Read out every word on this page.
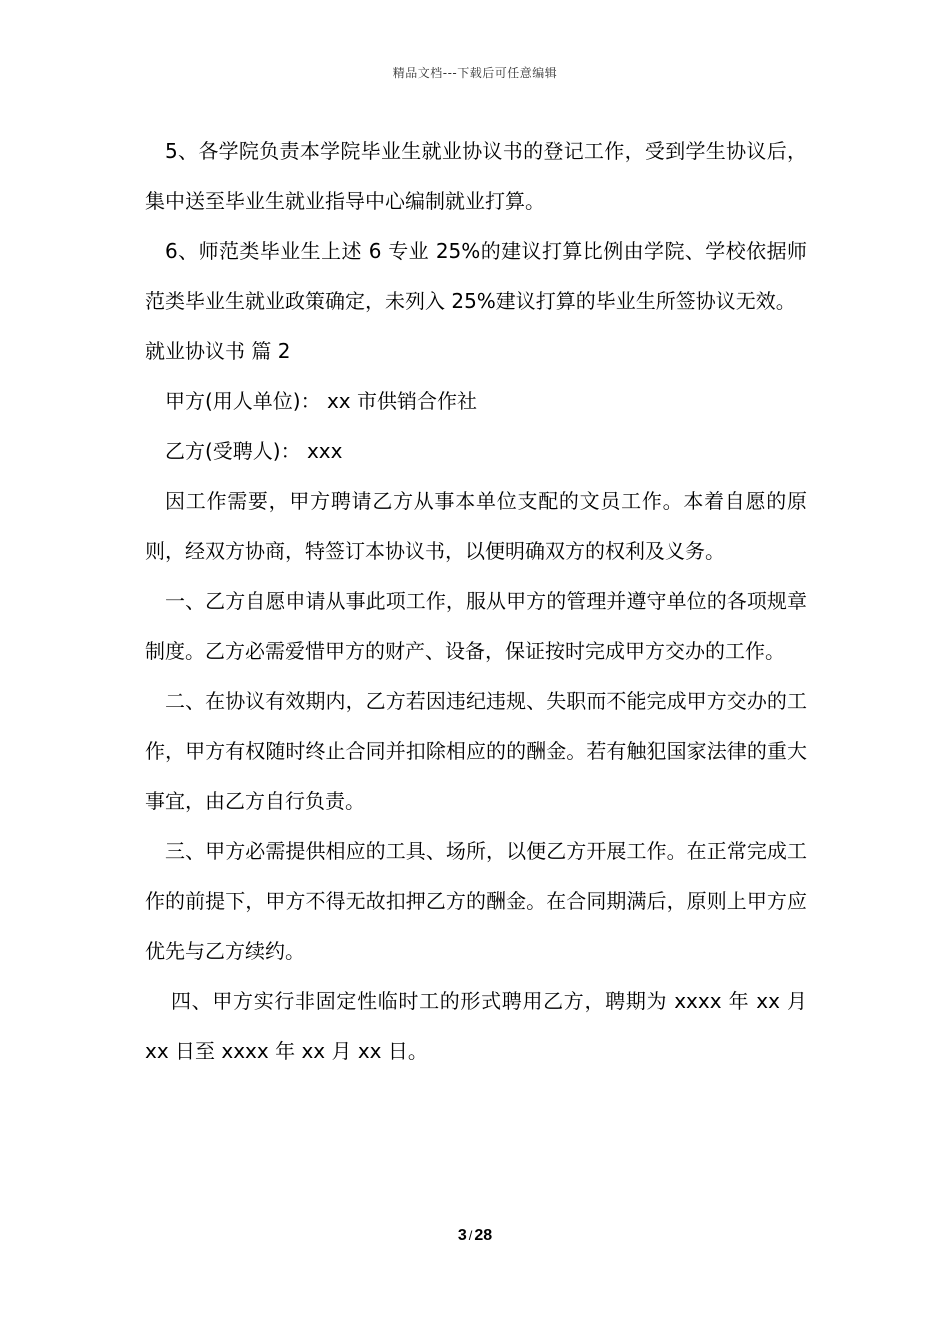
精品文档---下载后可任意编辑

5、各学院负责本学院毕业生就业协议书的登记工作，受到学生协议后，集中送至毕业生就业指导中心编制就业打算。

6、师范类毕业生上述 6 专业 25%的建议打算比例由学院、学校依据师范类毕业生就业政策确定，未列入 25%建议打算的毕业生所签协议无效。

就业协议书 篇 2

甲方(用人单位)： xx 市供销合作社

乙方(受聘人)： xxx

因工作需要，甲方聘请乙方从事本单位支配的文员工作。本着自愿的原则，经双方协商，特签订本协议书，以便明确双方的权利及义务。

一、乙方自愿申请从事此项工作，服从甲方的管理并遵守单位的各项规章制度。乙方必需爱惜甲方的财产、设备，保证按时完成甲方交办的工作。

二、在协议有效期内，乙方若因违纪违规、失职而不能完成甲方交办的工作，甲方有权随时终止合同并扣除相应的的酬金。若有触犯国家法律的重大事宜，由乙方自行负责。

三、甲方必需提供相应的工具、场所，以便乙方开展工作。在正常完成工作的前提下，甲方不得无故扣押乙方的酬金。在合同期满后，原则上甲方应优先与乙方续约。

四、甲方实行非固定性临时工的形式聘用乙方，聘期为 xxxx 年 xx 月 xx 日至 xxxx 年 xx 月 xx 日。

3 / 28
